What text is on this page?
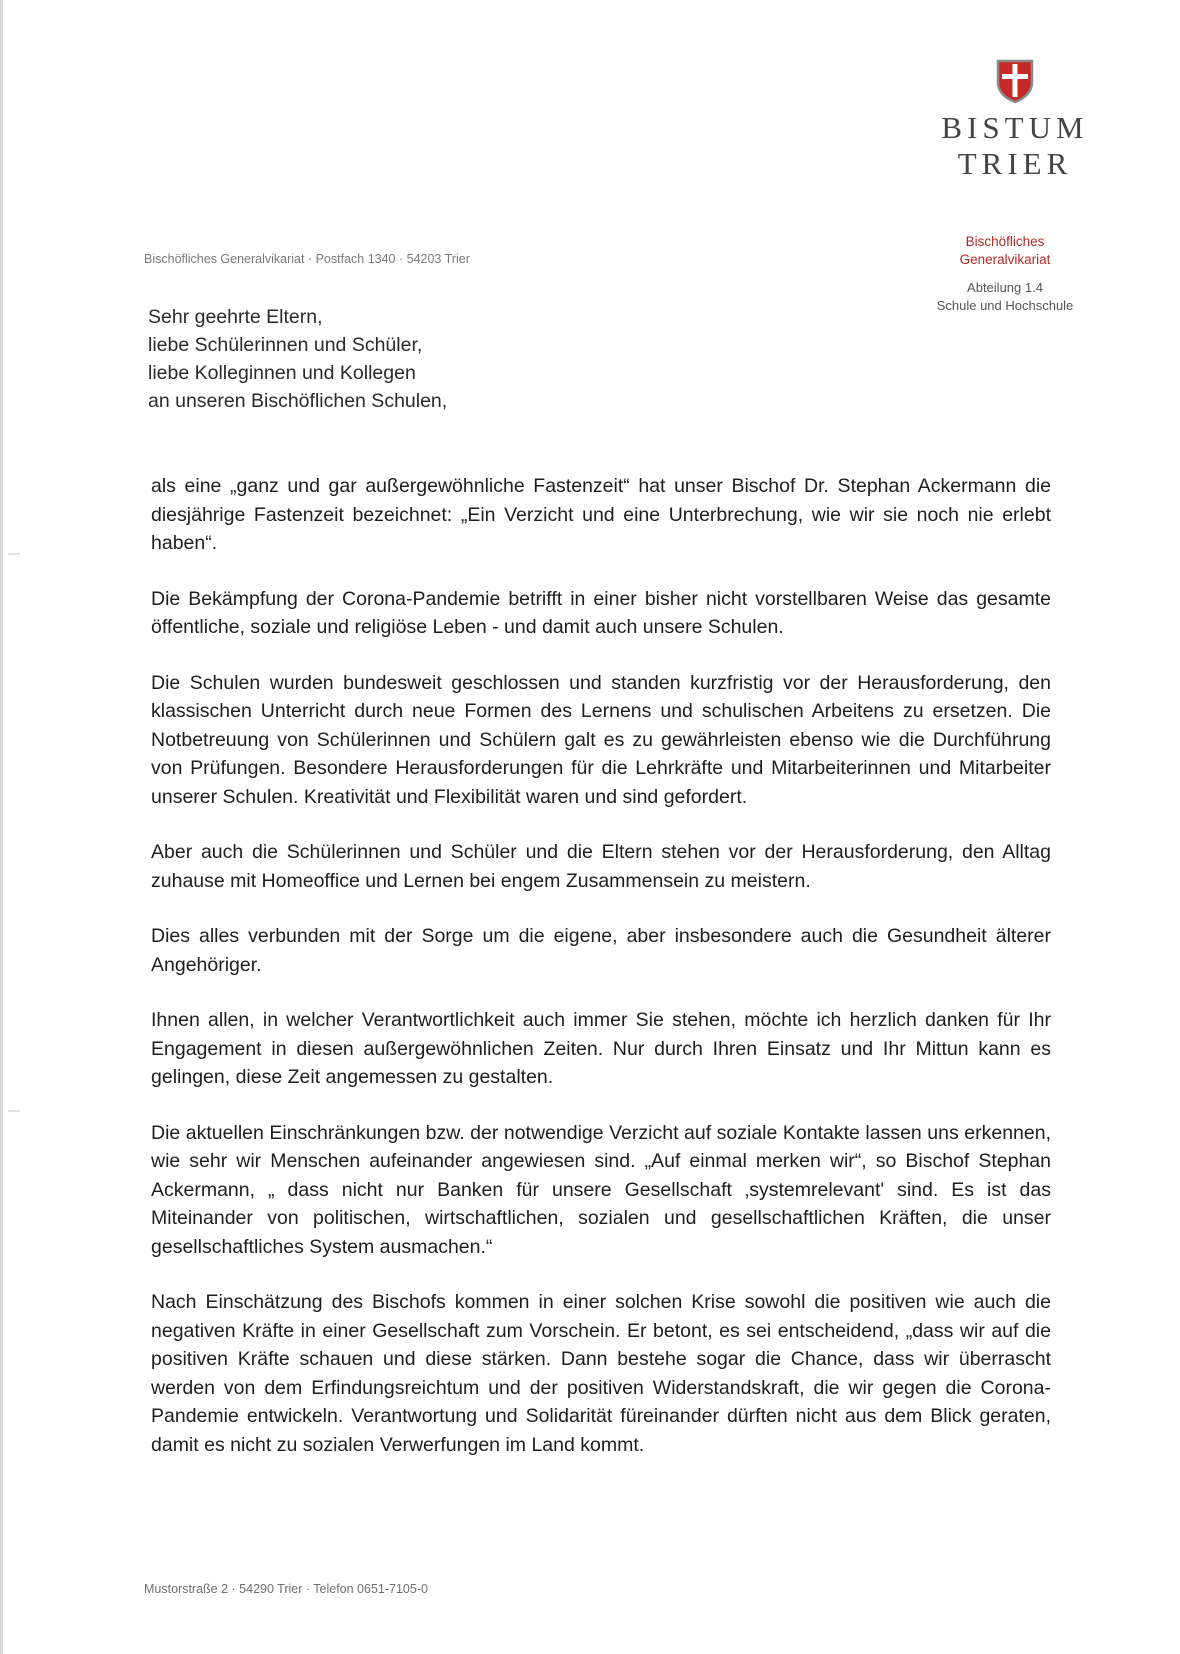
BISTUM
TRIER
Bischöfliches Generalvikariat · Postfach 1340 · 54203 Trier
Bischöfliches
Generalvikariat
Abteilung 1.4
Schule und Hochschule
Sehr geehrte Eltern,
liebe Schülerinnen und Schüler,
liebe Kolleginnen und Kollegen
an unseren Bischöflichen Schulen,

als eine „ganz und gar außergewöhnliche Fastenzeit“ hat unser Bischof Dr. Stephan Ackermann die diesjährige Fastenzeit bezeichnet: „Ein Verzicht und eine Unterbrechung, wie wir sie noch nie erlebt haben“.

Die Bekämpfung der Corona-Pandemie betrifft in einer bisher nicht vorstellbaren Weise das gesamte öffentliche, soziale und religiöse Leben - und damit auch unsere Schulen.

Die Schulen wurden bundesweit geschlossen und standen kurzfristig vor der Herausforderung, den klassischen Unterricht durch neue Formen des Lernens und schulischen Arbeitens zu ersetzen. Die Notbetreuung von Schülerinnen und Schülern galt es zu gewährleisten ebenso wie die Durchführung von Prüfungen. Besondere Herausforderungen für die Lehrkräfte und Mitarbeiterinnen und Mitarbeiter unserer Schulen. Kreativität und Flexibilität waren und sind gefordert.

Aber auch die Schülerinnen und Schüler und die Eltern stehen vor der Herausforderung, den Alltag zuhause mit Homeoffice und Lernen bei engem Zusammensein zu meistern.

Dies alles verbunden mit der Sorge um die eigene, aber insbesondere auch die Gesundheit älterer Angehöriger.

Ihnen allen, in welcher Verantwortlichkeit auch immer Sie stehen, möchte ich herzlich danken für Ihr Engagement in diesen außergewöhnlichen Zeiten. Nur durch Ihren Einsatz und Ihr Mittun kann es gelingen, diese Zeit angemessen zu gestalten.

Die aktuellen Einschränkungen bzw. der notwendige Verzicht auf soziale Kontakte lassen uns erkennen, wie sehr wir Menschen aufeinander angewiesen sind. „Auf einmal merken wir“, so Bischof Stephan Ackermann, „ dass nicht nur Banken für unsere Gesellschaft ‚systemrelevant' sind. Es ist das Miteinander von politischen, wirtschaftlichen, sozialen und gesellschaftlichen Kräften, die unser gesellschaftliches System ausmachen.“

Nach Einschätzung des Bischofs kommen in einer solchen Krise sowohl die positiven wie auch die negativen Kräfte in einer Gesellschaft zum Vorschein. Er betont, es sei entscheidend, „dass wir auf die positiven Kräfte schauen und diese stärken. Dann bestehe sogar die Chance, dass wir überrascht werden von dem Erfindungsreichtum und der positiven Widerstandskraft, die wir gegen die Corona-Pandemie entwickeln. Verantwortung und Solidarität füreinander dürften nicht aus dem Blick geraten, damit es nicht zu sozialen Verwerfungen im Land kommt.

Mustorstraße 2 · 54290 Trier · Telefon 0651-7105-0
